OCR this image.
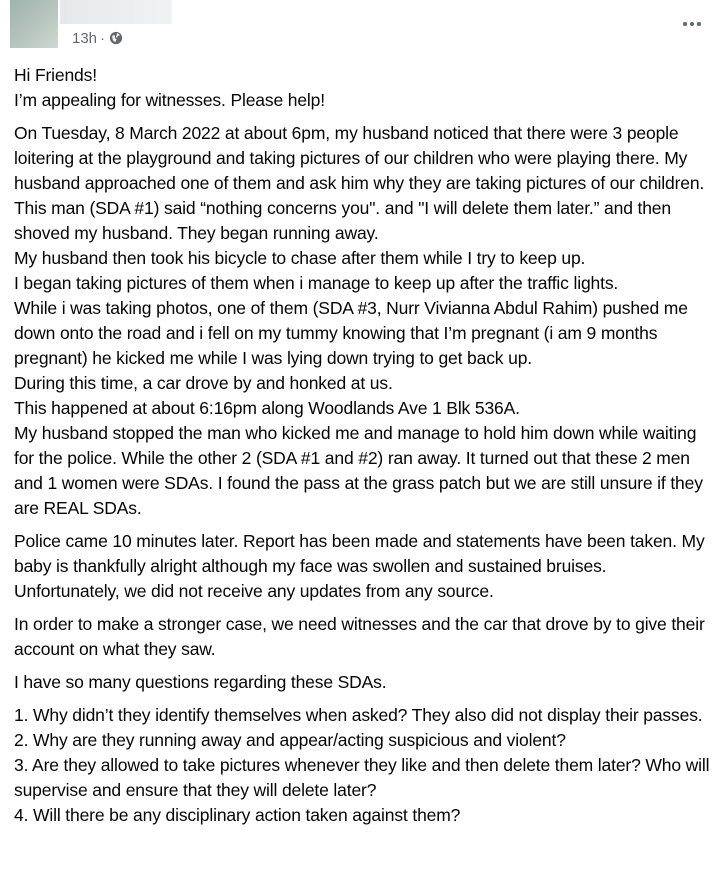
13h ·

Hi Friends!
I’m appealing for witnesses. Please help!

On Tuesday, 8 March 2022 at about 6pm, my husband noticed that there were 3 people loitering at the playground and taking pictures of our children who were playing there. My husband approached one of them and ask him why they are taking pictures of our children. This man (SDA #1) said “nothing concerns you". and "I will delete them later.” and then shoved my husband. They began running away.
My husband then took his bicycle to chase after them while I try to keep up.
I began taking pictures of them when i manage to keep up after the traffic lights.
While i was taking photos, one of them (SDA #3, Nurr Vivianna Abdul Rahim) pushed me down onto the road and i fell on my tummy knowing that I’m pregnant (i am 9 months pregnant) he kicked me while I was lying down trying to get back up.
During this time, a car drove by and honked at us.
This happened at about 6:16pm along Woodlands Ave 1 Blk 536A.
My husband stopped the man who kicked me and manage to hold him down while waiting for the police. While the other 2 (SDA #1 and #2) ran away. It turned out that these 2 men and 1 women were SDAs. I found the pass at the grass patch but we are still unsure if they are REAL SDAs.

Police came 10 minutes later. Report has been made and statements have been taken. My baby is thankfully alright although my face was swollen and sustained bruises. Unfortunately, we did not receive any updates from any source.

In order to make a stronger case, we need witnesses and the car that drove by to give their account on what they saw.

I have so many questions regarding these SDAs.

1. Why didn’t they identify themselves when asked? They also did not display their passes.
2. Why are they running away and appear/acting suspicious and violent?
3. Are they allowed to take pictures whenever they like and then delete them later? Who will supervise and ensure that they will delete later?
4. Will there be any disciplinary action taken against them?
